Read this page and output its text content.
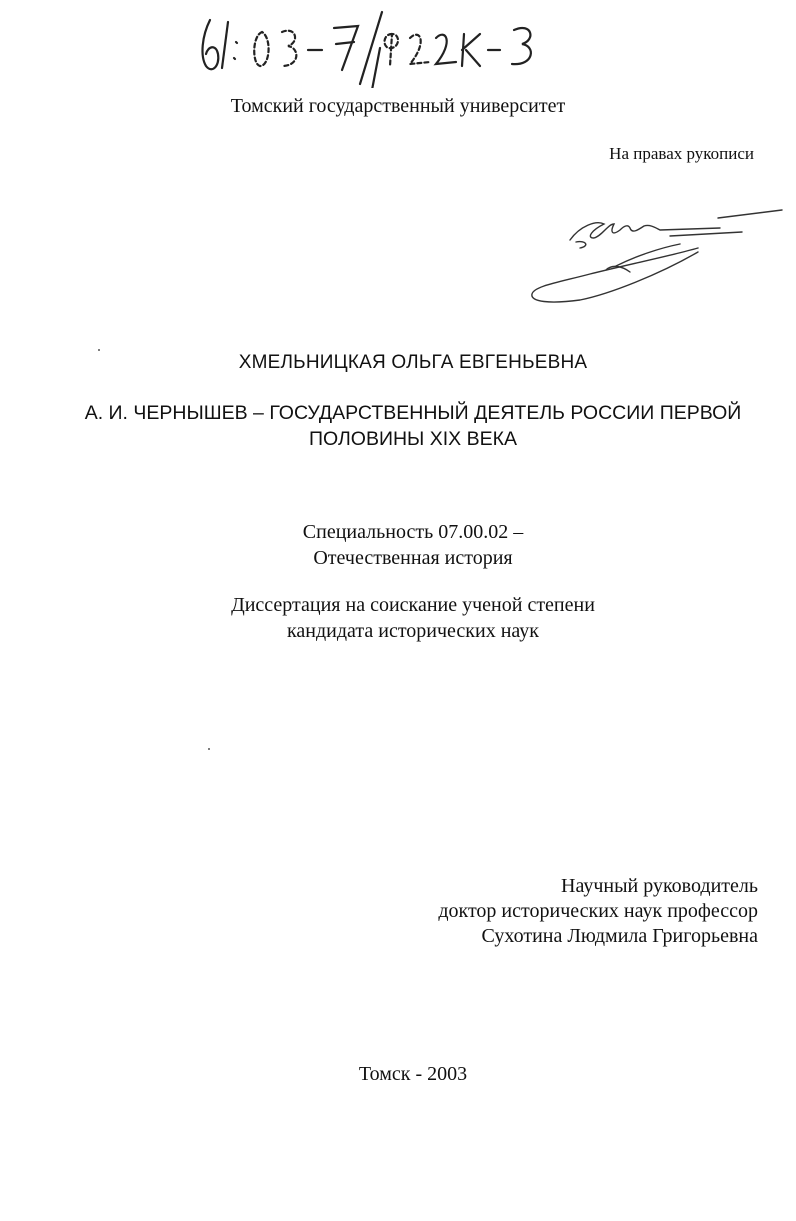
Томский государственный университет
На правах рукописи
ХМЕЛЬНИЦКАЯ ОЛЬГА ЕВГЕНЬЕВНА
А. И. ЧЕРНЫШЕВ – ГОСУДАРСТВЕННЫЙ ДЕЯТЕЛЬ РОССИИ ПЕРВОЙ
ПОЛОВИНЫ XIX ВЕКА
Специальность 07.00.02 –
Отечественная история
Диссертация на соискание ученой степени
кандидата исторических наук
Научный руководитель
доктор исторических наук профессор
Сухотина Людмила Григорьевна
Томск - 2003
